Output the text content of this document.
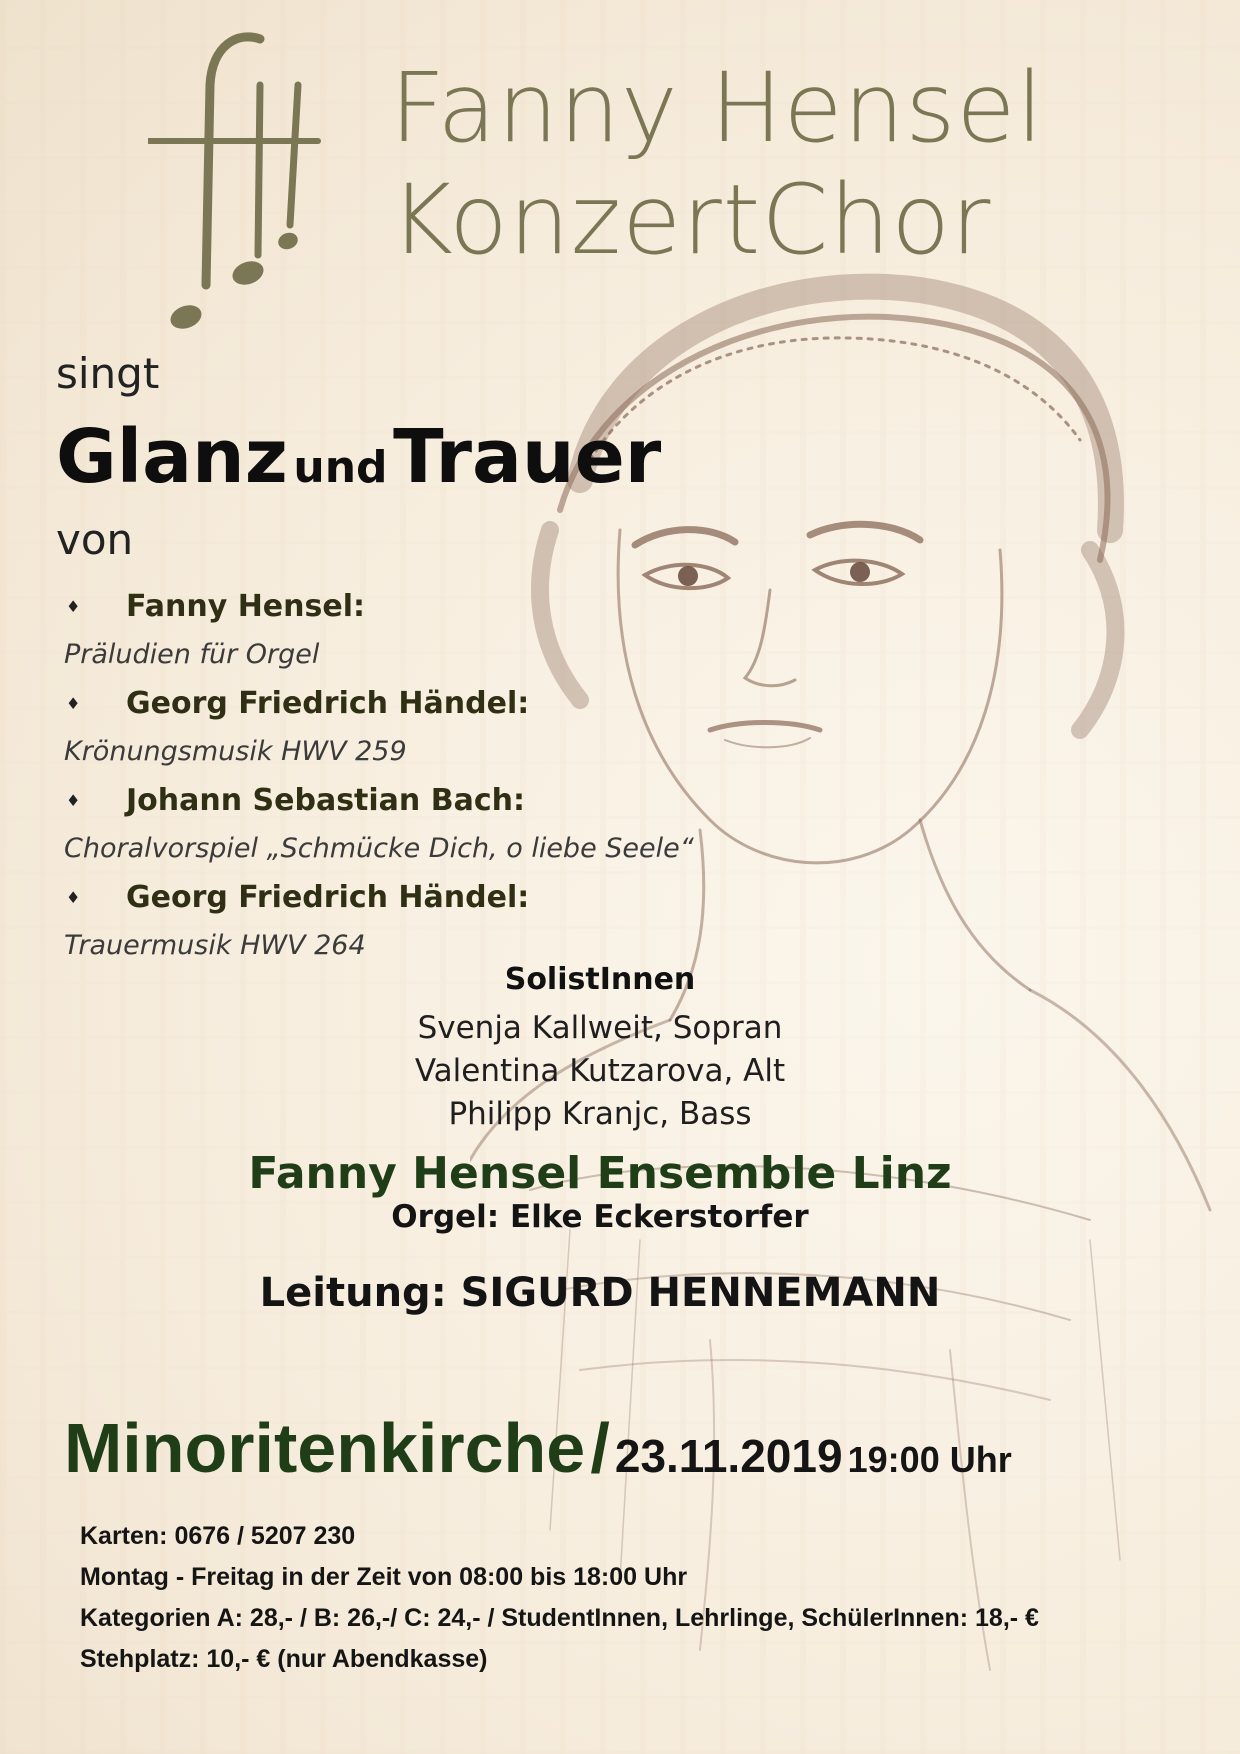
Fanny Hensel
KonzertChor
singt
Glanz und Trauer
von
♦	Fanny Hensel:
Präludien für Orgel
♦	Georg Friedrich Händel:
Krönungsmusik HWV 259
♦	Johann Sebastian Bach:
Choralvorspiel „Schmücke Dich, o liebe Seele“
♦	Georg Friedrich Händel:
Trauermusik HWV 264
SolistInnen
Svenja Kallweit, Sopran
Valentina Kutzarova, Alt
Philipp Kranjc, Bass
Fanny Hensel Ensemble Linz
Orgel: Elke Eckerstorfer
Leitung: SIGURD HENNEMANN
Minoritenkirche / 23.11.2019 19:00 Uhr
Karten: 0676 / 5207 230
Montag - Freitag in der Zeit von 08:00 bis 18:00 Uhr
Kategorien A: 28,- / B: 26,-/ C: 24,- / StudentInnen, Lehrlinge, SchülerInnen: 18,- €
Stehplatz: 10,- € (nur Abendkasse)
